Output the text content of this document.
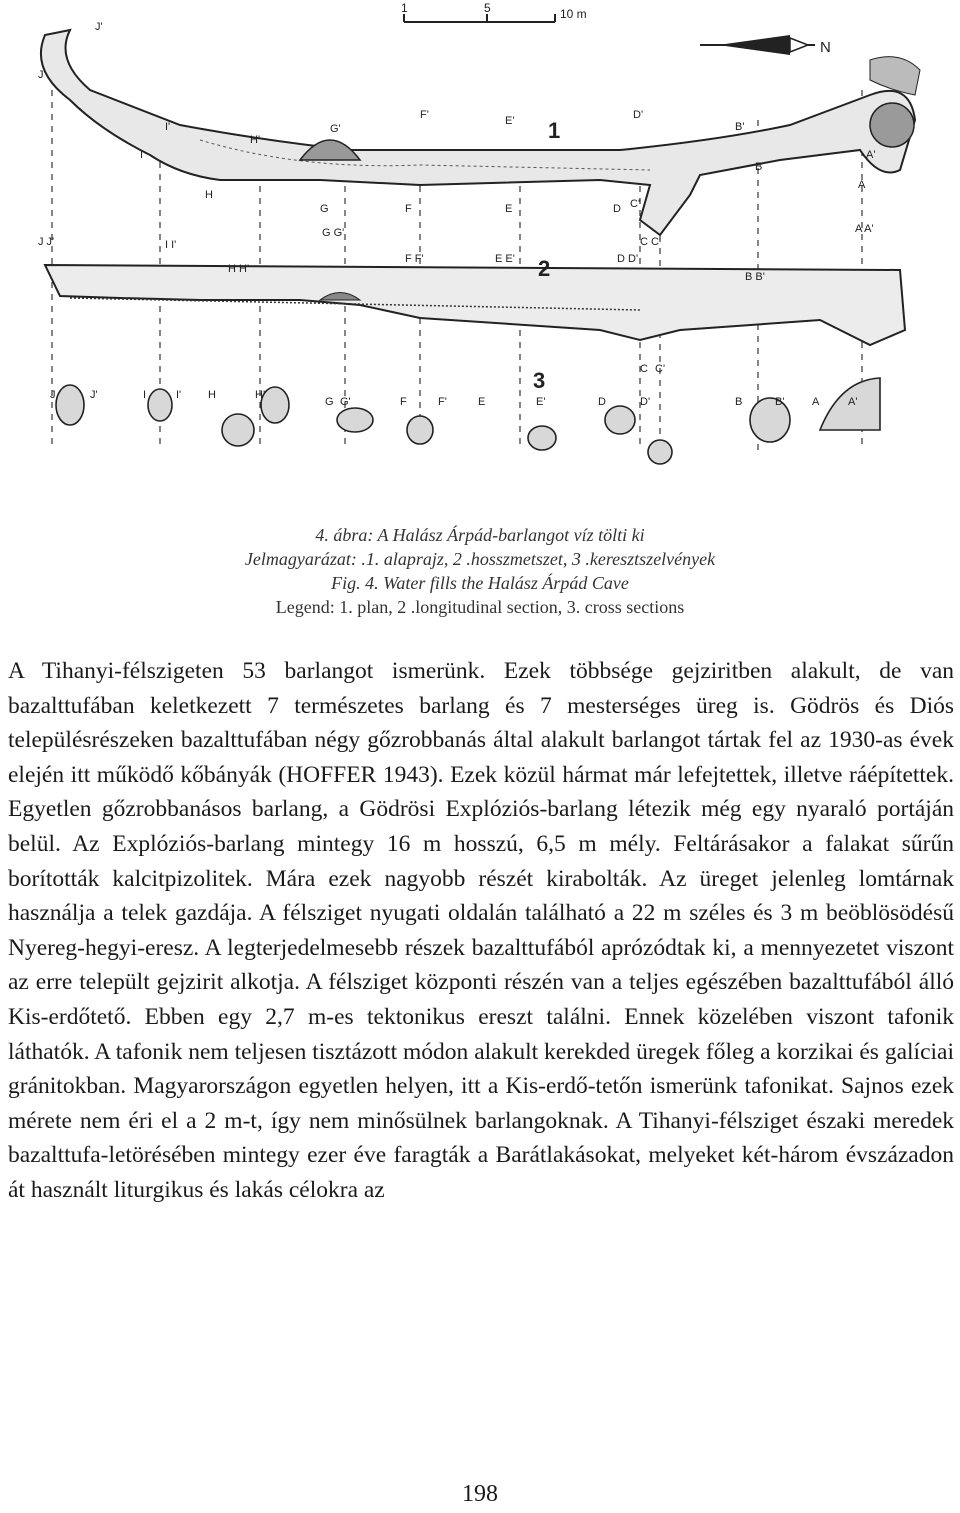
1	5	10 m
N
1
2
3
J'
J
I'
I
H'
H
G'
G
F'
F
E'
E
D'
D C'
B'
B
A'
A
J J'	I I'
H H'
G G'
F F'	E E'	D D'
C C'
B B'
A A'
J	J'	I	I' H	H'
G G'	F	F'	E	E'	D	D'
C C'
B	B'	A	A'
4. ábra: A Halász Árpád-barlangot víz tölti ki
Jelmagyarázat: .1. alaprajz, 2 .hosszmetszet, 3 .keresztszelvények
Fig. 4. Water fills the Halász Árpád Cave
Legend: 1. plan, 2 .longitudinal section, 3. cross sections

A Tihanyi-félszigeten 53 barlangot ismerünk. Ezek többsége gejziritben alakult, de van bazalttufában keletkezett 7 természetes barlang és 7 mesterséges üreg is. Gödrös és Diós településrészeken bazalttufában négy gőzrobbanás által alakult barlangot tártak fel az 1930-as évek elején itt működő kőbányák (HOFFER 1943). Ezek közül hármat már lefejtettek, illetve ráépítettek. Egyetlen gőzrobbanásos barlang, a Gödrösi Explóziós-barlang létezik még egy nyaraló portáján belül. Az Explóziós-barlang mintegy 16 m hosszú, 6,5 m mély. Feltárásakor a falakat sűrűn borították kalcitpizolitek. Mára ezek nagyobb részét kirabolták. Az üreget jelenleg lomtárnak használja a telek gazdája. A félsziget nyugati oldalán található a 22 m széles és 3 m beöblösödésű Nyereg-hegyi-eresz. A legterjedelmesebb részek bazalttufából aprózódtak ki, a mennyezetet viszont az erre települt gejzirit alkotja. A félsziget központi részén van a teljes egészében bazalttufából álló Kis-erdőtető. Ebben egy 2,7 m-es tektonikus ereszt találni. Ennek közelében viszont tafonik láthatók. A tafonik nem teljesen tisztázott módon alakult kerekded üregek főleg a korzikai és galíciai gránitokban. Magyarországon egyetlen helyen, itt a Kis-erdő-tetőn ismerünk tafonikat. Sajnos ezek mérete nem éri el a 2 m-t, így nem minősülnek barlangoknak. A Tihanyi-félsziget északi meredek bazalttufa-letörésében mintegy ezer éve faragták a Barátlakásokat, melyeket két-három évszázadon át használt liturgikus és lakás célokra az

198
